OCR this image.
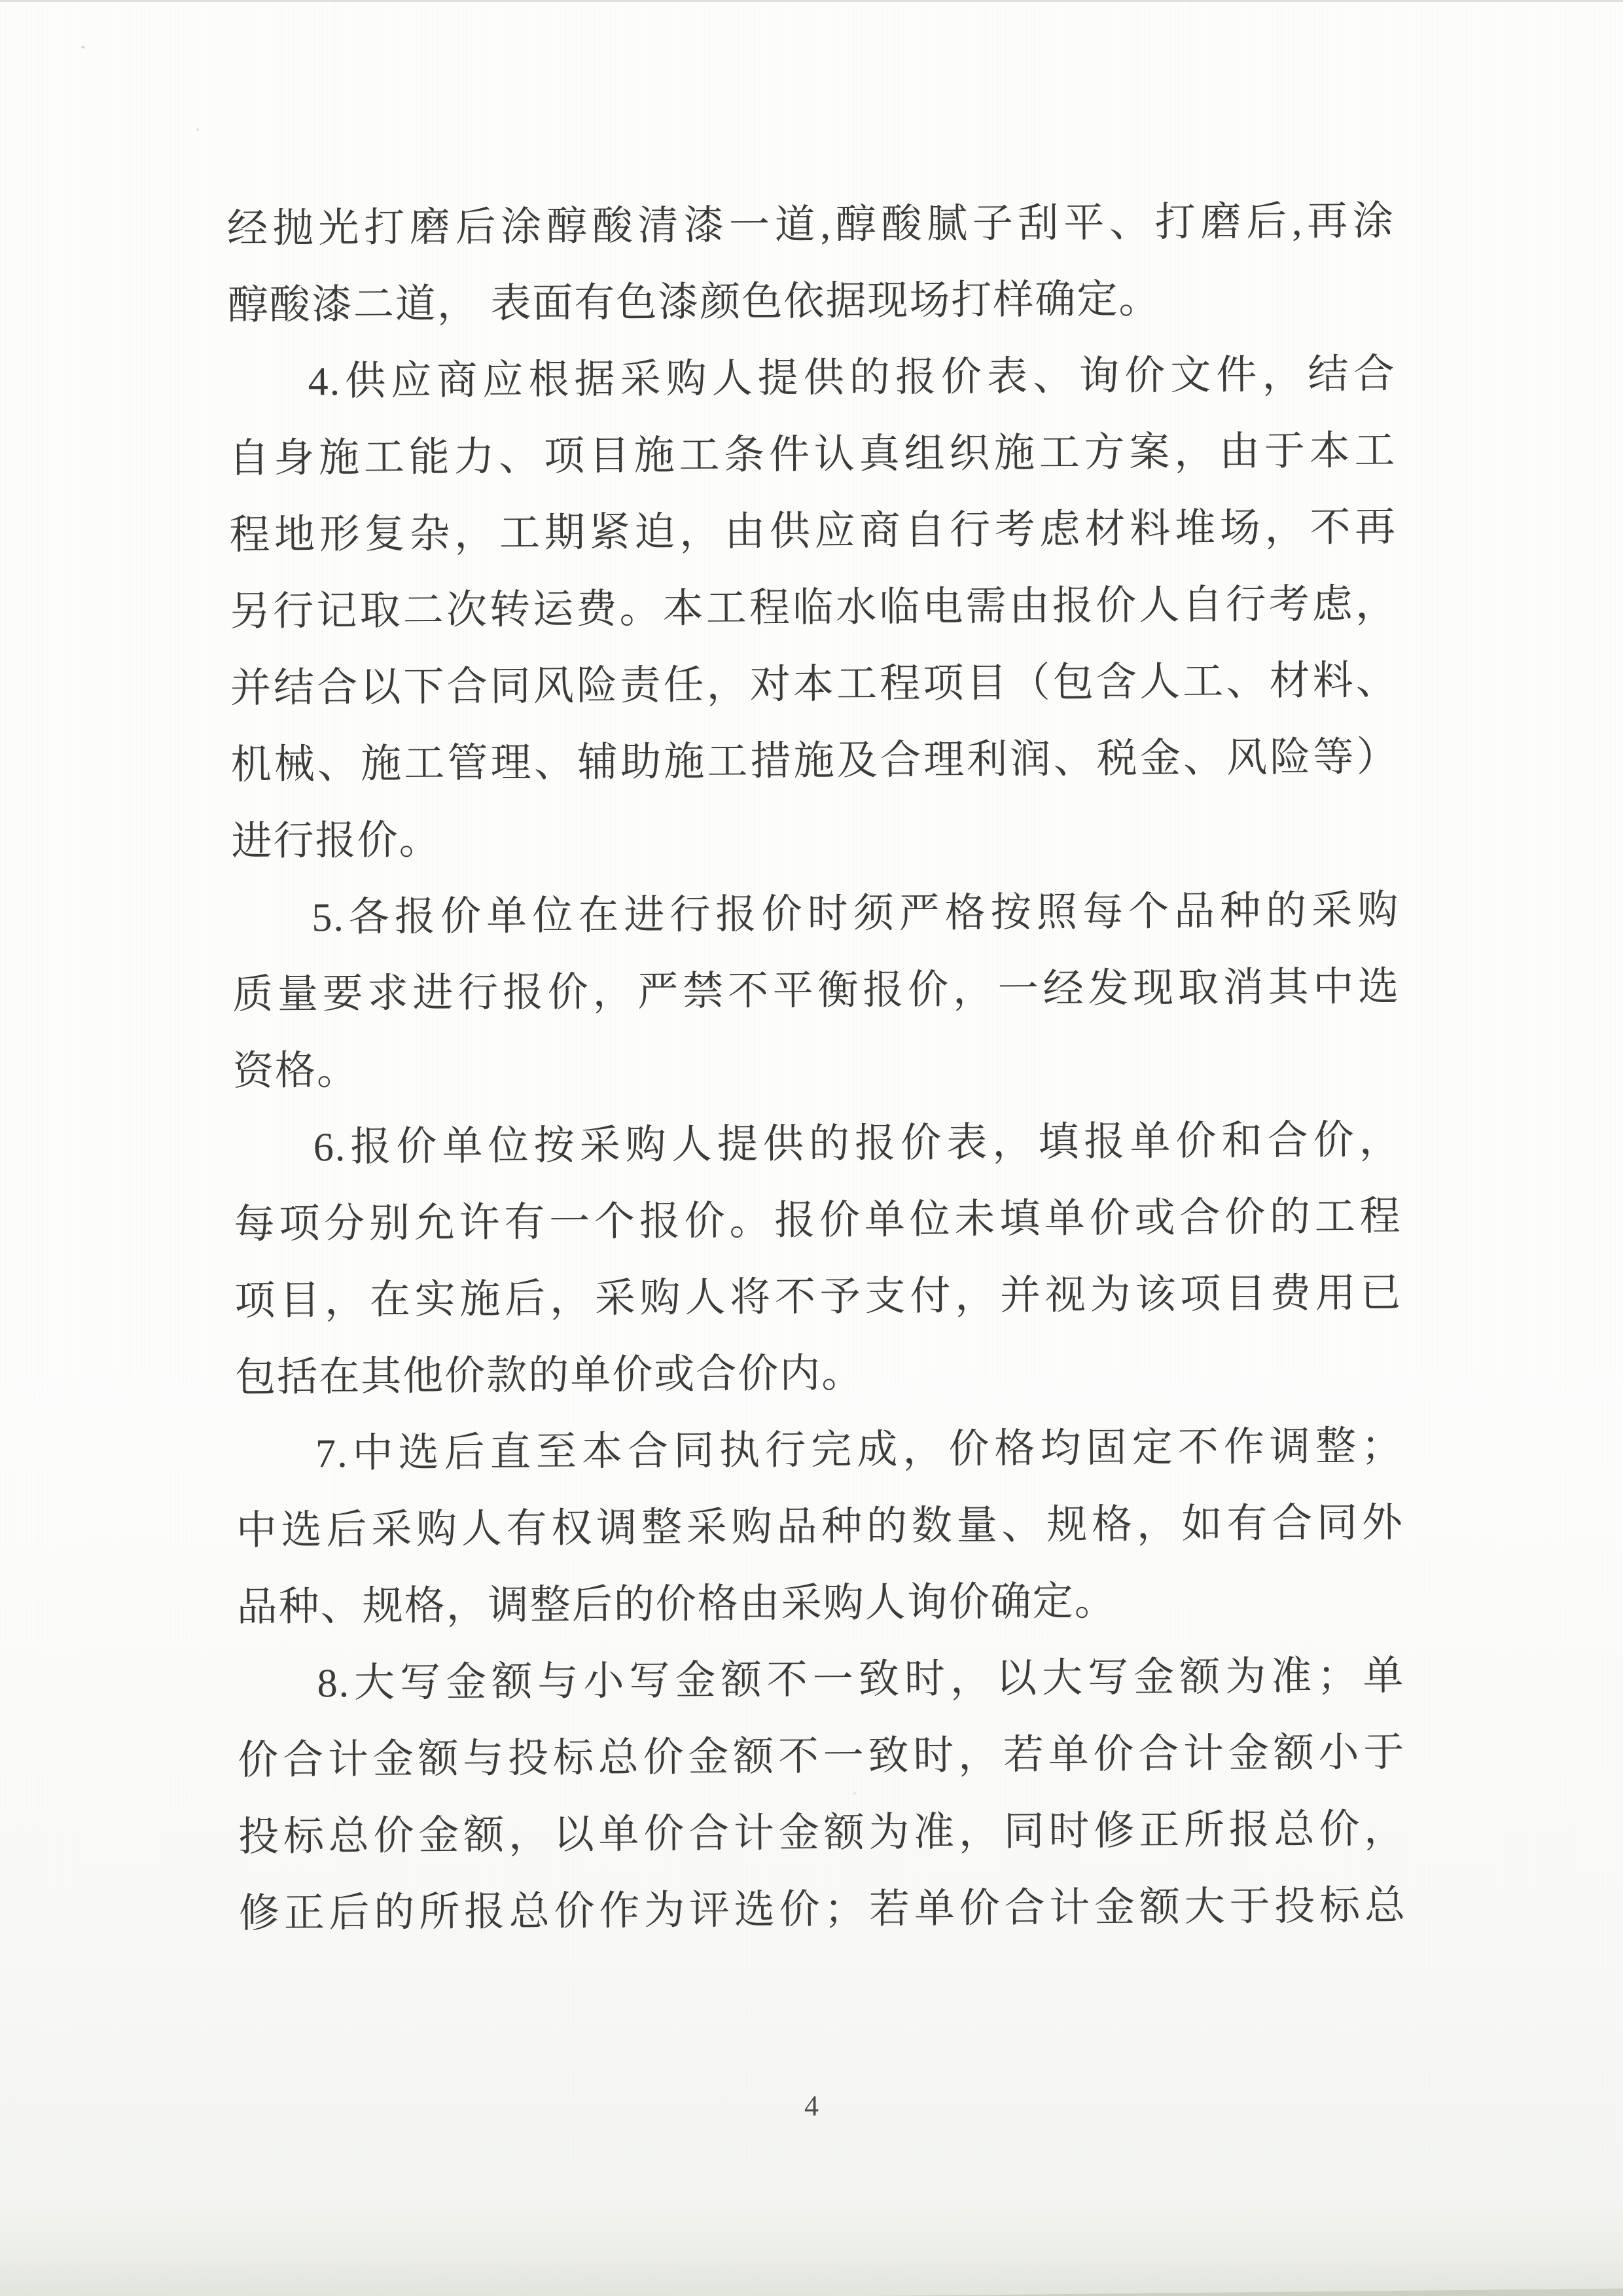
经抛光打磨后涂醇酸清漆一道,醇酸腻子刮平、打磨后,再涂
醇酸漆二道， 表面有色漆颜色依据现场打样确定。
4.供应商应根据采购人提供的报价表、询价文件，结合
自身施工能力、项目施工条件认真组织施工方案，由于本工
程地形复杂，工期紧迫，由供应商自行考虑材料堆场，不再
另行记取二次转运费。本工程临水临电需由报价人自行考虑，
并结合以下合同风险责任，对本工程项目（包含人工、材料、
机械、施工管理、辅助施工措施及合理利润、税金、风险等）
进行报价。
5.各报价单位在进行报价时须严格按照每个品种的采购
质量要求进行报价，严禁不平衡报价，一经发现取消其中选
资格。
6.报价单位按采购人提供的报价表，填报单价和合价，
每项分别允许有一个报价。报价单位未填单价或合价的工程
项目，在实施后，采购人将不予支付，并视为该项目费用已
包括在其他价款的单价或合价内。
7.中选后直至本合同执行完成，价格均固定不作调整；
中选后采购人有权调整采购品种的数量、规格，如有合同外
品种、规格，调整后的价格由采购人询价确定。
8.大写金额与小写金额不一致时，以大写金额为准；单
价合计金额与投标总价金额不一致时，若单价合计金额小于
投标总价金额，以单价合计金额为准，同时修正所报总价，
修正后的所报总价作为评选价；若单价合计金额大于投标总
4
